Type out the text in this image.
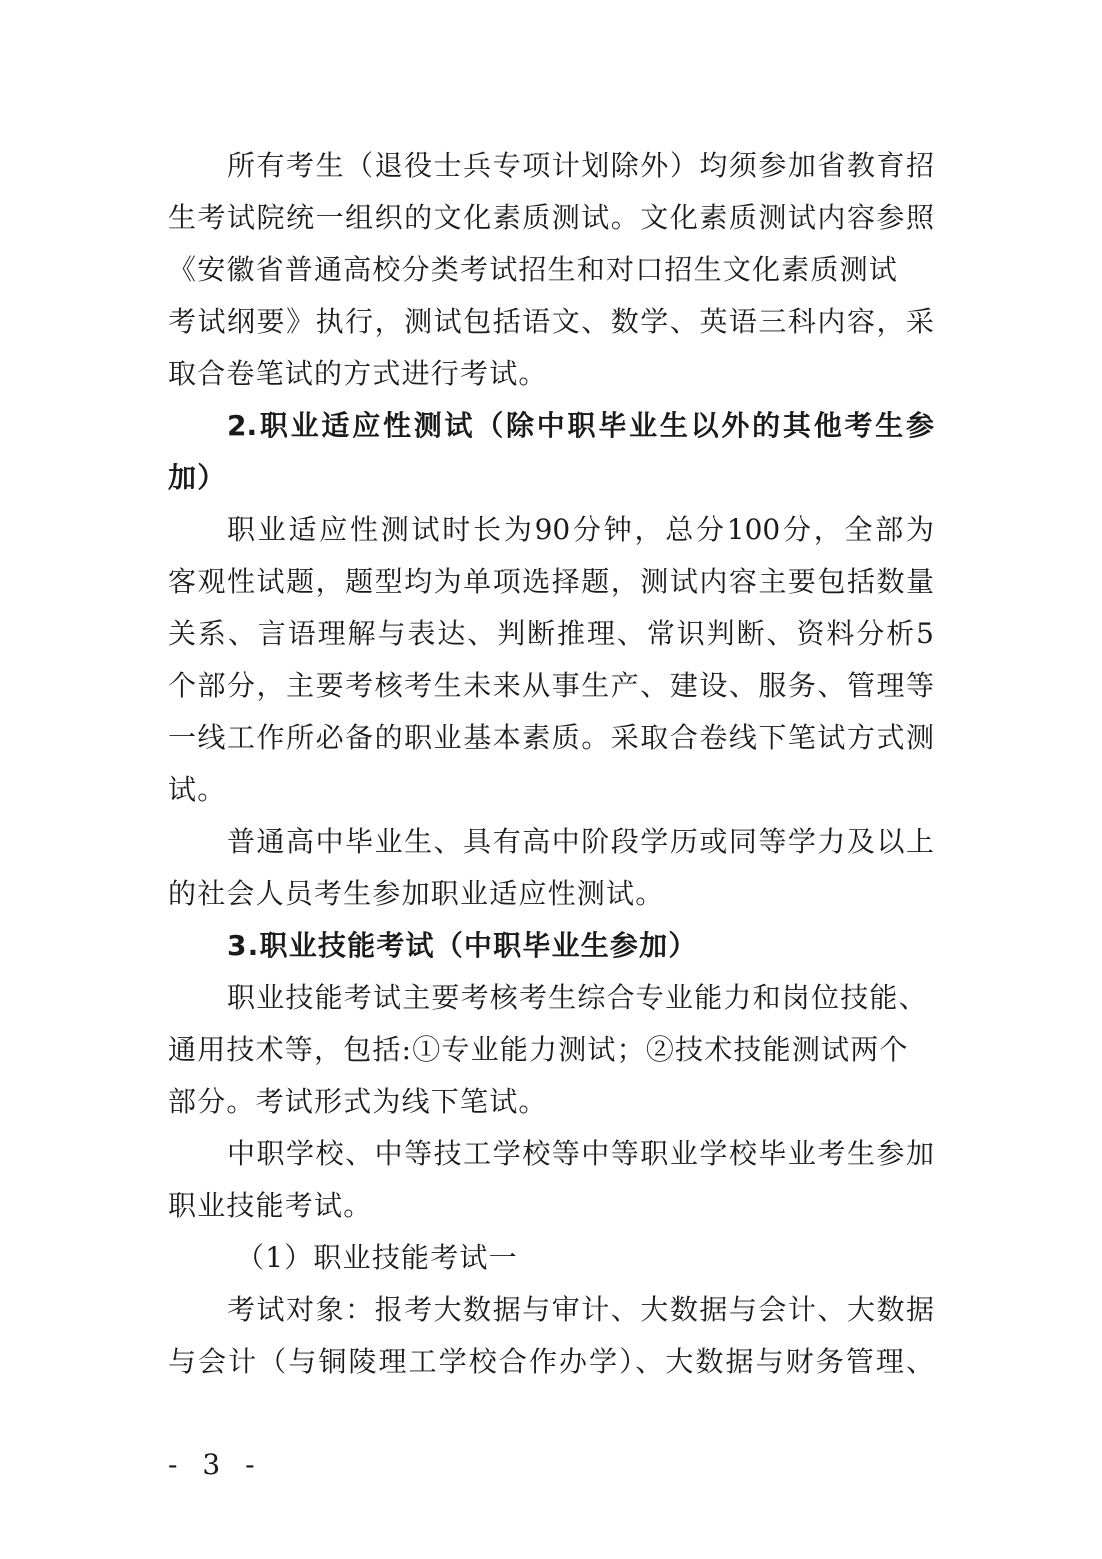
所有考生（退役士兵专项计划除外）均须参加省教育招
生考试院统一组织的文化素质测试。文化素质测试内容参照
《安徽省普通高校分类考试招生和对口招生文化素质测试
考试纲要》执行，测试包括语文、数学、英语三科内容，采
取合卷笔试的方式进行考试。
2.职业适应性测试（除中职毕业生以外的其他考生参
加）
职业适应性测试时长为90分钟，总分100分，全部为
客观性试题，题型均为单项选择题，测试内容主要包括数量
关系、言语理解与表达、判断推理、常识判断、资料分析5
个部分，主要考核考生未来从事生产、建设、服务、管理等
一线工作所必备的职业基本素质。采取合卷线下笔试方式测
试。
普通高中毕业生、具有高中阶段学历或同等学力及以上
的社会人员考生参加职业适应性测试。
3.职业技能考试（中职毕业生参加）
职业技能考试主要考核考生综合专业能力和岗位技能、
通用技术等，包括:①专业能力测试；②技术技能测试两个
部分。考试形式为线下笔试。
中职学校、中等技工学校等中等职业学校毕业考生参加
职业技能考试。
（1）职业技能考试一
考试对象：报考大数据与审计、大数据与会计、大数据
与会计（与铜陵理工学校合作办学）、大数据与财务管理、
- 3 -
